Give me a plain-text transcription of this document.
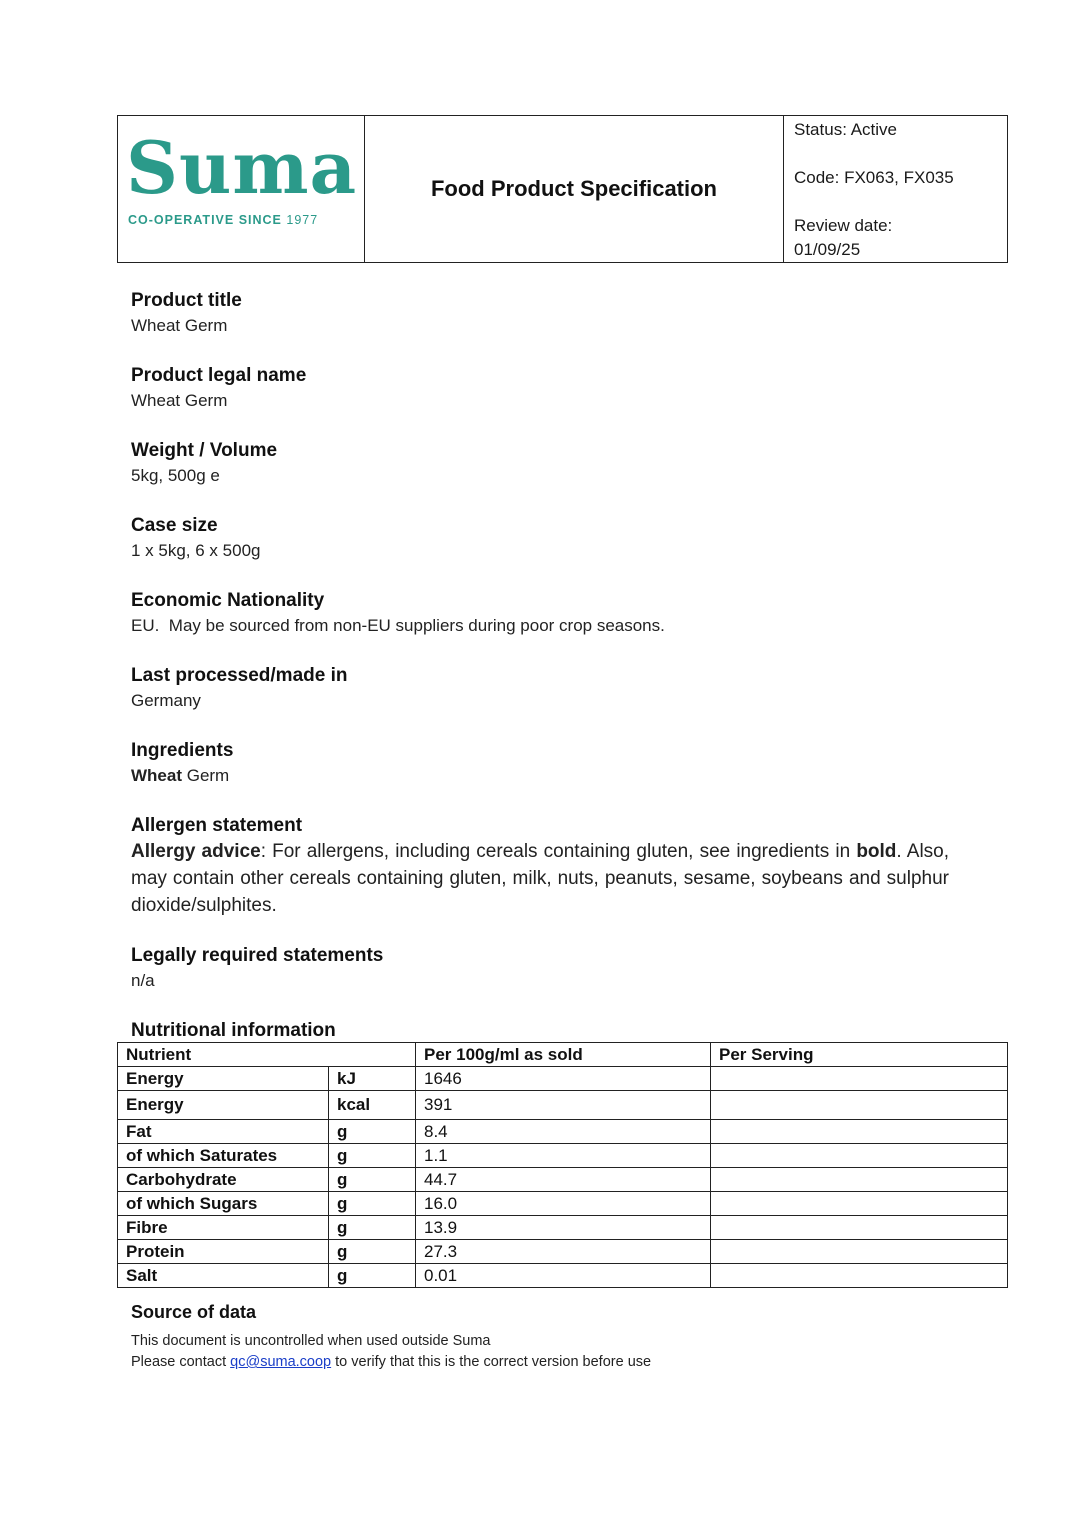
Suma
CO-OPERATIVE SINCE 1977
Food Product Specification
Status: Active
Code: FX063, FX035
Review date:
01/09/25
Product title
Wheat Germ
Product legal name
Wheat Germ
Weight / Volume
5kg, 500g e
Case size
1 x 5kg, 6 x 500g
Economic Nationality
EU.  May be sourced from non-EU suppliers during poor crop seasons.
Last processed/made in
Germany
Ingredients
Wheat Germ
Allergen statement
Allergy advice: For allergens, including cereals containing gluten, see ingredients in bold. Also, may contain other cereals containing gluten, milk, nuts, peanuts, sesame, soybeans and sulphur dioxide/sulphites.
Legally required statements
n/a
Nutritional information
Nutrient		Per 100g/ml as sold	Per Serving
Energy	kJ	1646	
Energy	kcal	391	
Fat	g	8.4	
of which Saturates	g	1.1	
Carbohydrate	g	44.7	
of which Sugars	g	16.0	
Fibre	g	13.9	
Protein	g	27.3	
Salt	g	0.01	
Source of data
This document is uncontrolled when used outside Suma
Please contact qc@suma.coop to verify that this is the correct version before use
